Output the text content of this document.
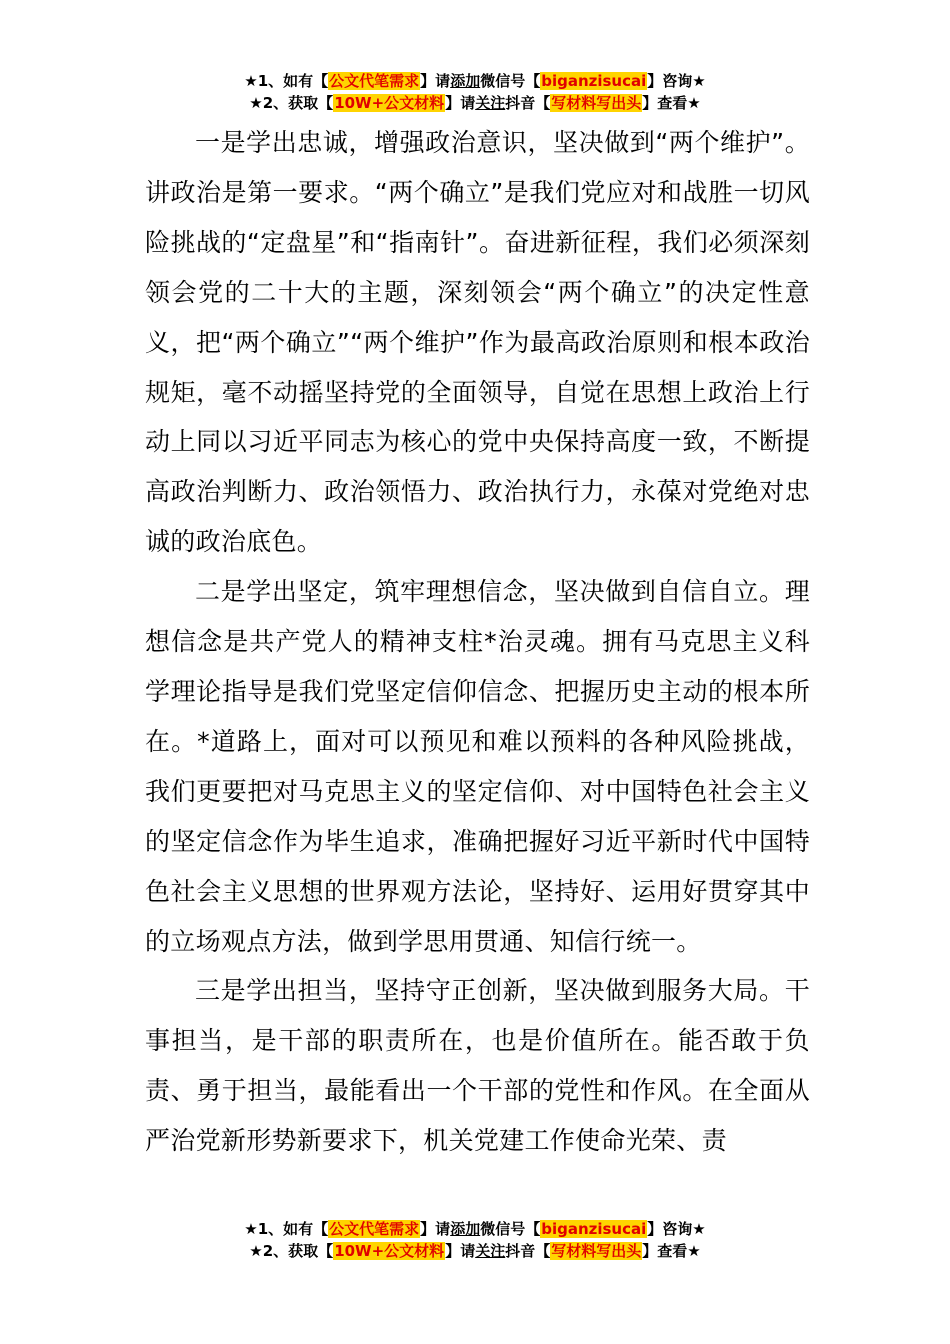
★1、如有【公文代笔需求】请添加微信号【biganzisucai】咨询★
★2、获取【10W+公文材料】请关注抖音【写材料写出头】查看★

一是学出忠诚，增强政治意识，坚决做到“两个维护”。讲政治是第一要求。“两个确立”是我们党应对和战胜一切风险挑战的“定盘星”和“指南针”。奋进新征程，我们必须深刻领会党的二十大的主题，深刻领会“两个确立”的决定性意义，把“两个确立”“两个维护”作为最高政治原则和根本政治规矩，毫不动摇坚持党的全面领导，自觉在思想上政治上行动上同以习近平同志为核心的党中央保持高度一致，不断提高政治判断力、政治领悟力、政治执行力，永葆对党绝对忠诚的政治底色。

二是学出坚定，筑牢理想信念，坚决做到自信自立。理想信念是共产党人的精神支柱*治灵魂。拥有马克思主义科学理论指导是我们党坚定信仰信念、把握历史主动的根本所在。*道路上，面对可以预见和难以预料的各种风险挑战，我们更要把对马克思主义的坚定信仰、对中国特色社会主义的坚定信念作为毕生追求，准确把握好习近平新时代中国特色社会主义思想的世界观方法论，坚持好、运用好贯穿其中的立场观点方法，做到学思用贯通、知信行统一。

三是学出担当，坚持守正创新，坚决做到服务大局。干事担当，是干部的职责所在，也是价值所在。能否敢于负责、勇于担当，最能看出一个干部的党性和作风。在全面从严治党新形势新要求下，机关党建工作使命光荣、责

★1、如有【公文代笔需求】请添加微信号【biganzisucai】咨询★
★2、获取【10W+公文材料】请关注抖音【写材料写出头】查看★
